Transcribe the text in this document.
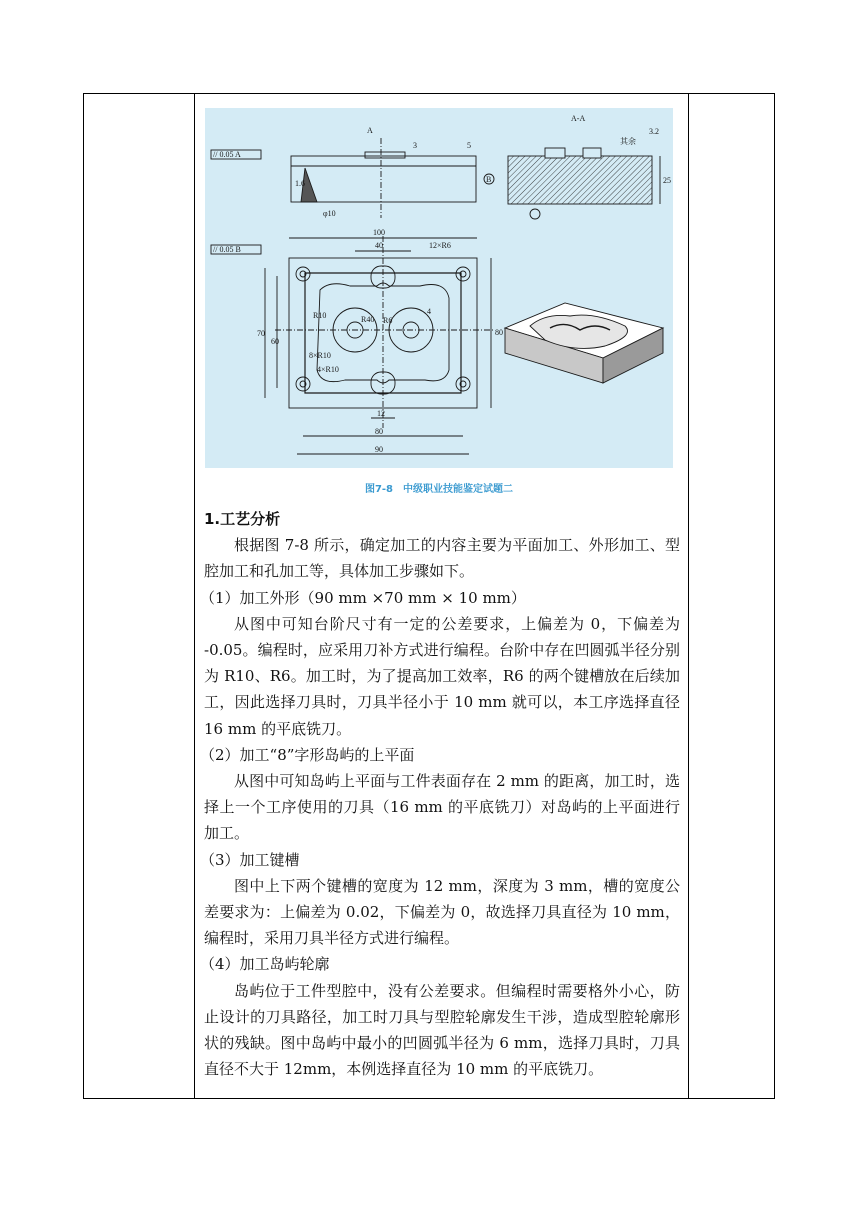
A
A-A
// 0.05 A
// 0.05 B
100
40	12×R6
80
70
60
80
90
12
25
1.6
φ10
R10	R40 R6
4
8×R10
4×R10
3	5	其余
3.2
B
图7-8　中级职业技能鉴定试题二

1.工艺分析

根据图 7-8 所示，确定加工的内容主要为平面加工、外形加工、型腔加工和孔加工等，具体加工步骤如下。

（1）加工外形（90 mm ×70 mm × 10 mm）

从图中可知台阶尺寸有一定的公差要求，上偏差为 0，下偏差为 -0.05。编程时，应采用刀补方式进行编程。台阶中存在凹圆弧半径分别为 R10、R6。加工时，为了提高加工效率，R6 的两个键槽放在后续加工，因此选择刀具时，刀具半径小于 10 mm 就可以，本工序选择直径 16 mm 的平底铣刀。

（2）加工“8”字形岛屿的上平面

从图中可知岛屿上平面与工件表面存在 2 mm 的距离，加工时，选择上一个工序使用的刀具（16 mm 的平底铣刀）对岛屿的上平面进行加工。

（3）加工键槽

图中上下两个键槽的宽度为 12 mm，深度为 3 mm，槽的宽度公差要求为：上偏差为 0.02，下偏差为 0，故选择刀具直径为 10 mm，编程时，采用刀具半径方式进行编程。

（4）加工岛屿轮廓

岛屿位于工件型腔中，没有公差要求。但编程时需要格外小心，防止设计的刀具路径，加工时刀具与型腔轮廓发生干涉，造成型腔轮廓形状的残缺。图中岛屿中最小的凹圆弧半径为 6 mm，选择刀具时，刀具直径不大于 12mm，本例选择直径为 10 mm 的平底铣刀。
